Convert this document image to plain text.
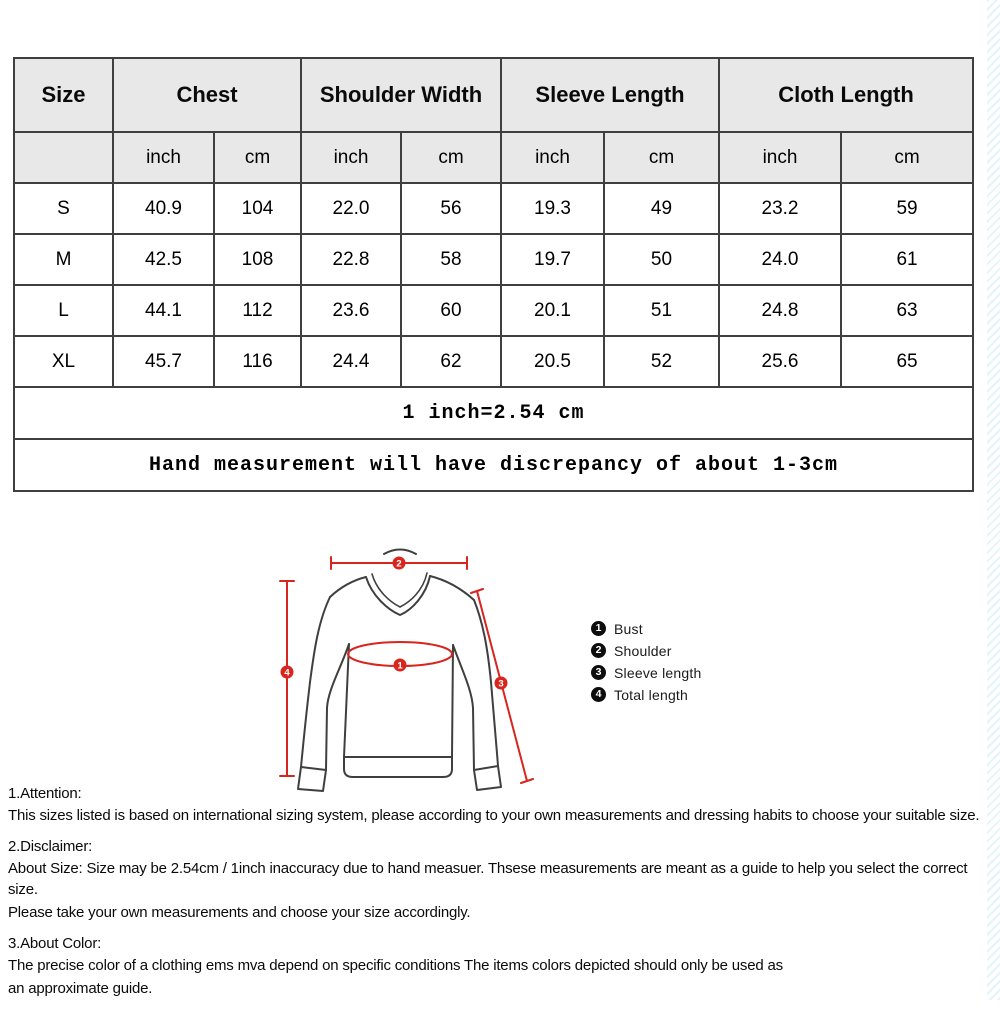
Size	Chest		Shoulder Width		Sleeve Length		Cloth Length	
	inch	cm	inch	cm	inch	cm	inch	cm
S	40.9	104	22.0	56	19.3	49	23.2	59
M	42.5	108	22.8	58	19.7	50	24.0	61
L	44.1	112	23.6	60	20.1	51	24.8	63
XL	45.7	116	24.4	62	20.5	52	25.6	65
1 inch=2.54 cm								
Hand measurement will have discrepancy of about 1-3cm								
1
2
3
4
1 Bust
2 Shoulder
3 Sleeve length
4 Total length

1.Attention:

This sizes listed is based on international sizing system, please according to your own measurements and dressing habits to choose your suitable size.

2.Disclaimer:

About Size: Size may be 2.54cm / 1inch inaccuracy due to hand measuer. Thsese measurements are meant as a guide to help you select the correct size.

Please take your own measurements and choose your size accordingly.

3.About Color:

The precise color of a clothing ems mva depend on specific conditions The items colors depicted should only be used as

an approximate guide.
